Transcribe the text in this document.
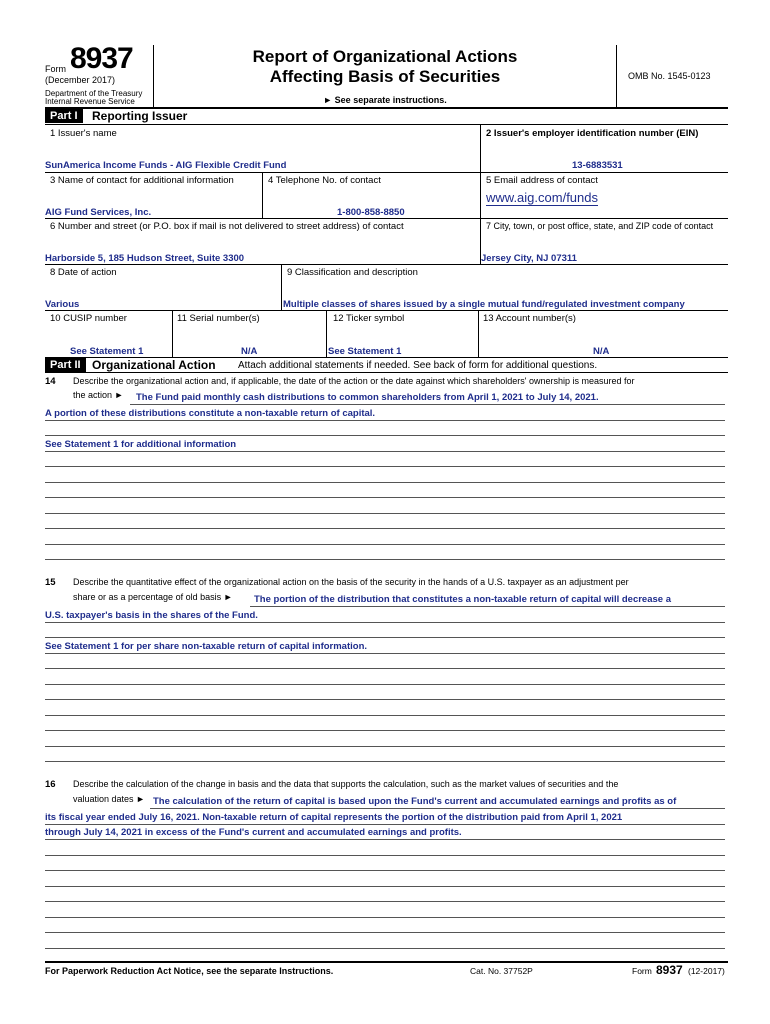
Form 8937
(December 2017)
Department of the Treasury
Internal Revenue Service
Report of Organizational Actions
Affecting Basis of Securities
► See separate instructions.
OMB No. 1545-0123
Part I	Reporting Issuer
1 Issuer's name	2 Issuer's employer identification number (EIN)
SunAmerica Income Funds - AIG Flexible Credit Fund	13-6883531
3 Name of contact for additional information	4 Telephone No. of contact	5 Email address of contact
AIG Fund Services, Inc.	1-800-858-8850
www.aig.com/funds
6 Number and street (or P.O. box if mail is not delivered to street address) of contact	7 City, town, or post office, state, and ZIP code of contact
Harborside 5, 185 Hudson Street, Suite 3300	Jersey City, NJ 07311
8 Date of action	9 Classification and description
Various	Multiple classes of shares issued by a single mutual fund/regulated investment company
10 CUSIP number	11 Serial number(s)	12 Ticker symbol	13 Account number(s)
See Statement 1	N/A	See Statement 1	N/A
Part II Organizational Action Attach additional statements if needed. See back of form for additional questions.
14 Describe the organizational action and, if applicable, the date of the action or the date against which shareholders' ownership is measured for
the action ► The Fund paid monthly cash distributions to common shareholders from April 1, 2021 to July 14, 2021.
A portion of these distributions constitute a non-taxable return of capital.
See Statement 1 for additional information
15 Describe the quantitative effect of the organizational action on the basis of the security in the hands of a U.S. taxpayer as an adjustment per
share or as a percentage of old basis ► The portion of the distribution that constitutes a non-taxable return of capital will decrease a
U.S. taxpayer's basis in the shares of the Fund.
See Statement 1 for per share non-taxable return of capital information.
16 Describe the calculation of the change in basis and the data that supports the calculation, such as the market values of securities and the
valuation dates ► The calculation of the return of capital is based upon the Fund's current and accumulated earnings and profits as of
its fiscal year ended July 16, 2021. Non-taxable return of capital represents the portion of the distribution paid from April 1, 2021
through July 14, 2021 in excess of the Fund's current and accumulated earnings and profits.
For Paperwork Reduction Act Notice, see the separate Instructions.	Cat. No. 37752P	Form 8937 (12-2017)
